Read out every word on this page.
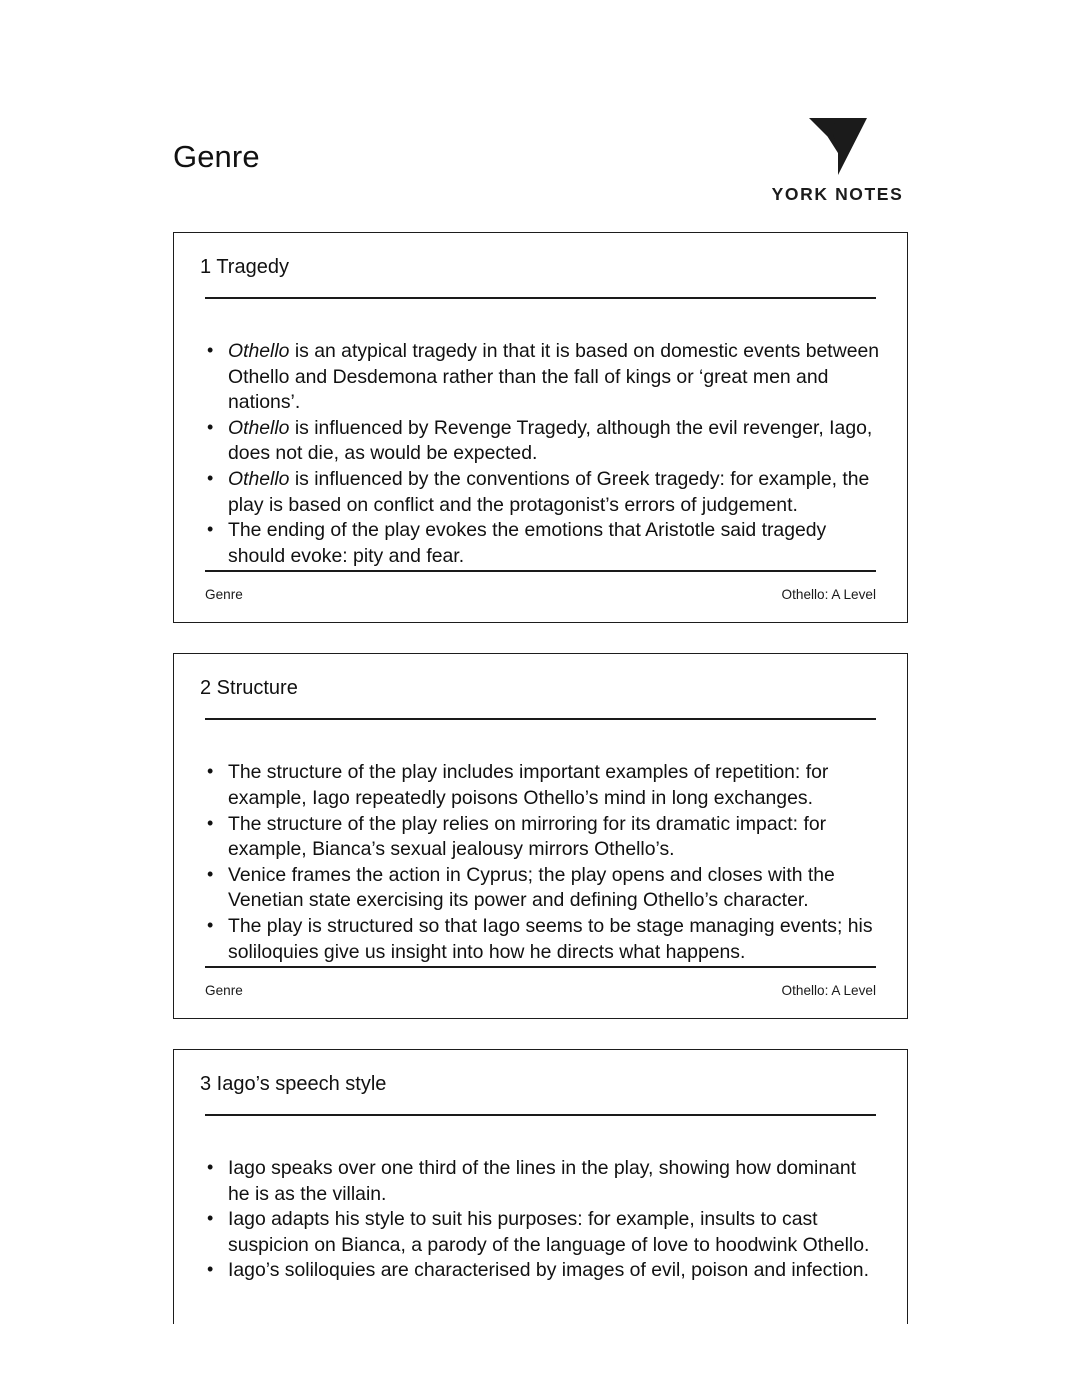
Genre
YORK NOTES
1 Tragedy
• Othello is an atypical tragedy in that it is based on domestic events between Othello and Desdemona rather than the fall of kings or ‘great men and nations’.
• Othello is influenced by Revenge Tragedy, although the evil revenger, Iago, does not die, as would be expected.
• Othello is influenced by the conventions of Greek tragedy: for example, the play is based on conflict and the protagonist’s errors of judgement.
• The ending of the play evokes the emotions that Aristotle said tragedy should evoke: pity and fear.
Genre	Othello: A Level
2 Structure
• The structure of the play includes important examples of repetition: for example, Iago repeatedly poisons Othello’s mind in long exchanges.
• The structure of the play relies on mirroring for its dramatic impact: for example, Bianca’s sexual jealousy mirrors Othello’s.
• Venice frames the action in Cyprus; the play opens and closes with the Venetian state exercising its power and defining Othello’s character.
• The play is structured so that Iago seems to be stage managing events; his soliloquies give us insight into how he directs what happens.
Genre	Othello: A Level
3 Iago’s speech style
• Iago speaks over one third of the lines in the play, showing how dominant he is as the villain.
• Iago adapts his style to suit his purposes: for example, insults to cast suspicion on Bianca, a parody of the language of love to hoodwink Othello.
• Iago’s soliloquies are characterised by images of evil, poison and infection.
